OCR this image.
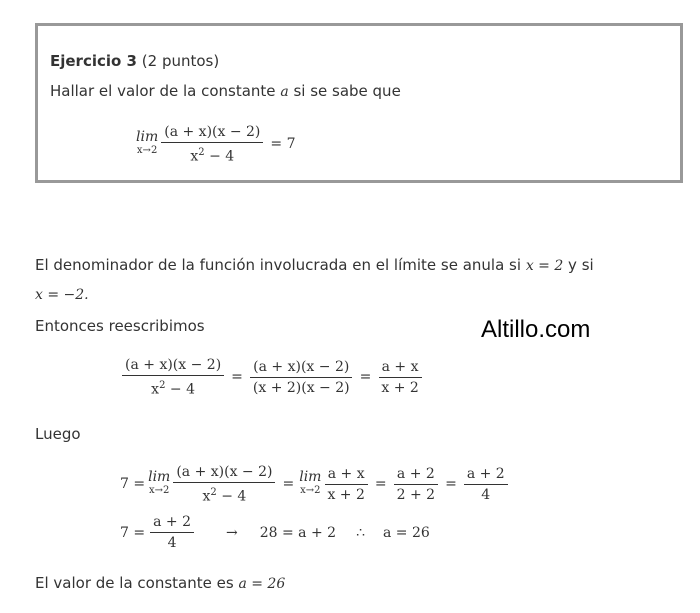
Ejercicio 3 (2 puntos)
Hallar el valor de la constante a si se sabe que
lim
$x\to 2 \frac{(a + x)(x - 2)}{x^2 - 4} = 7$
El denominador de la función involucrada en el límite se anula si x = 2 y si
x = −2.
Entonces reescribimos	Altillo.com
$\frac{(a + x)(x - 2)}{x^2 - 4} = \frac{(a + x)(x - 2)}{(x + 2)(x - 2)} = \frac{a + x}{x + 2}$
Luego
7 = lim
$x\to 2 \frac{(a + x)(x - 2)}{x^2 - 4} = \lim$
$x\to 2 \frac{a + x}{x + 2} = \frac{a + 2}{2 + 2} = \frac{a + 2}{4}$
$7 = \frac{a + 2}{4} \to 28 = a + 2$ ∴ a = 26
El valor de la constante es a = 26
